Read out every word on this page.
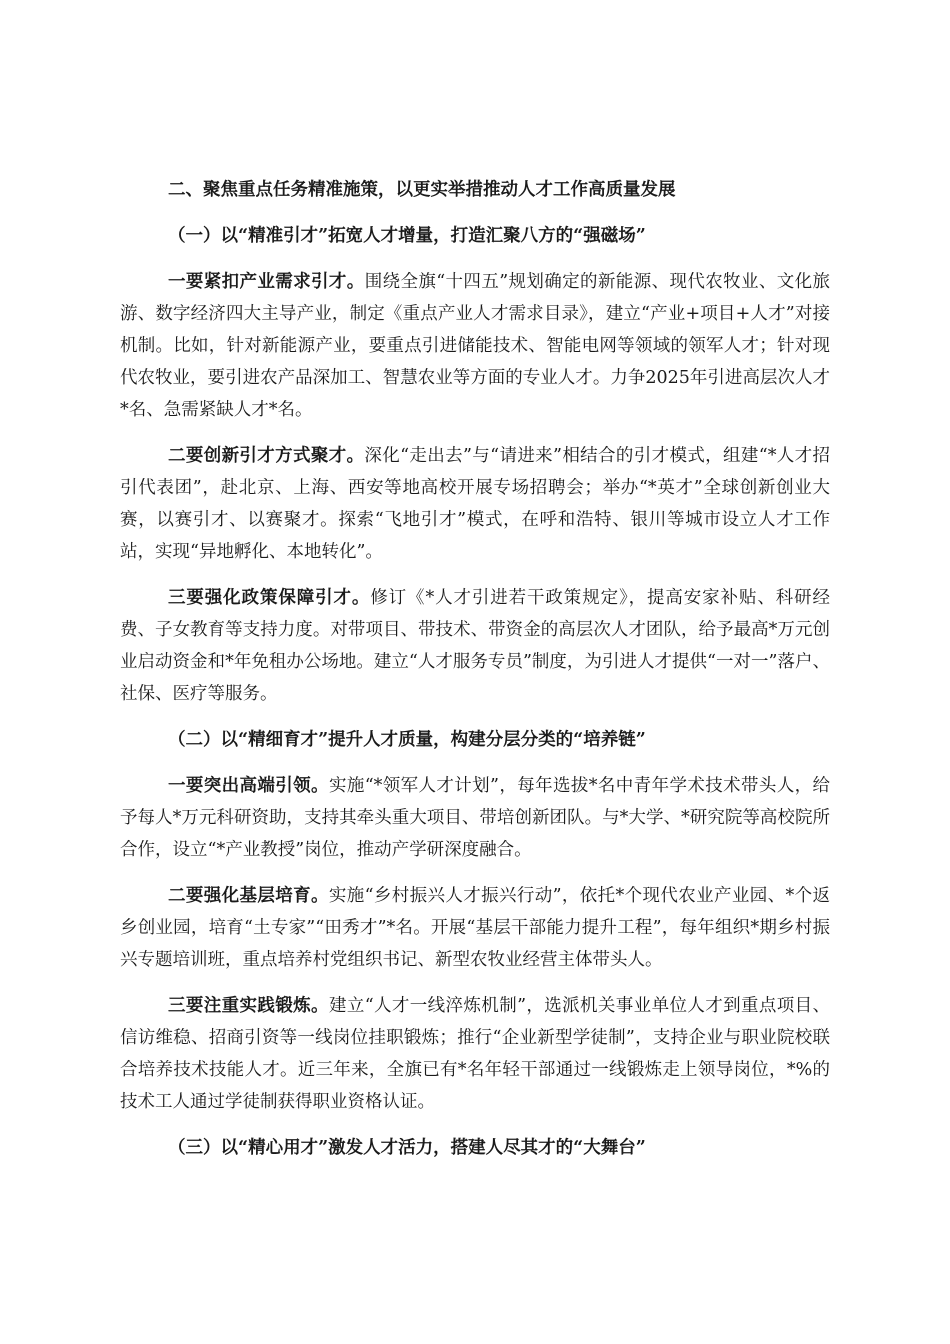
二、聚焦重点任务精准施策，以更实举措推动人才工作高质量发展
（一）以“精准引才”拓宽人才增量，打造汇聚八方的“强磁场”

一要紧扣产业需求引才。围绕全旗“十四五”规划确定的新能源、现代农牧业、文化旅游、数字经济四大主导产业，制定《重点产业人才需求目录》，建立“产业+项目+人才”对接机制。比如，针对新能源产业，要重点引进储能技术、智能电网等领域的领军人才；针对现代农牧业，要引进农产品深加工、智慧农业等方面的专业人才。力争2025年引进高层次人才*名、急需紧缺人才*名。

二要创新引才方式聚才。深化“走出去”与“请进来”相结合的引才模式，组建“*人才招引代表团”，赴北京、上海、西安等地高校开展专场招聘会；举办“*英才”全球创新创业大赛，以赛引才、以赛聚才。探索“飞地引才”模式，在呼和浩特、银川等城市设立人才工作站，实现“异地孵化、本地转化”。

三要强化政策保障引才。修订《*人才引进若干政策规定》，提高安家补贴、科研经费、子女教育等支持力度。对带项目、带技术、带资金的高层次人才团队，给予最高*万元创业启动资金和*年免租办公场地。建立“人才服务专员”制度，为引进人才提供“一对一”落户、社保、医疗等服务。

（二）以“精细育才”提升人才质量，构建分层分类的“培养链”

一要突出高端引领。实施“*领军人才计划”，每年选拔*名中青年学术技术带头人，给予每人*万元科研资助，支持其牵头重大项目、带培创新团队。与*大学、*研究院等高校院所合作，设立“*产业教授”岗位，推动产学研深度融合。

二要强化基层培育。实施“乡村振兴人才振兴行动”，依托*个现代农业产业园、*个返乡创业园，培育“土专家”“田秀才”*名。开展“基层干部能力提升工程”，每年组织*期乡村振兴专题培训班，重点培养村党组织书记、新型农牧业经营主体带头人。

三要注重实践锻炼。建立“人才一线淬炼机制”，选派机关事业单位人才到重点项目、信访维稳、招商引资等一线岗位挂职锻炼；推行“企业新型学徒制”，支持企业与职业院校联合培养技术技能人才。近三年来，全旗已有*名年轻干部通过一线锻炼走上领导岗位，*%的技术工人通过学徒制获得职业资格认证。

（三）以“精心用才”激发人才活力，搭建人尽其才的“大舞台”
